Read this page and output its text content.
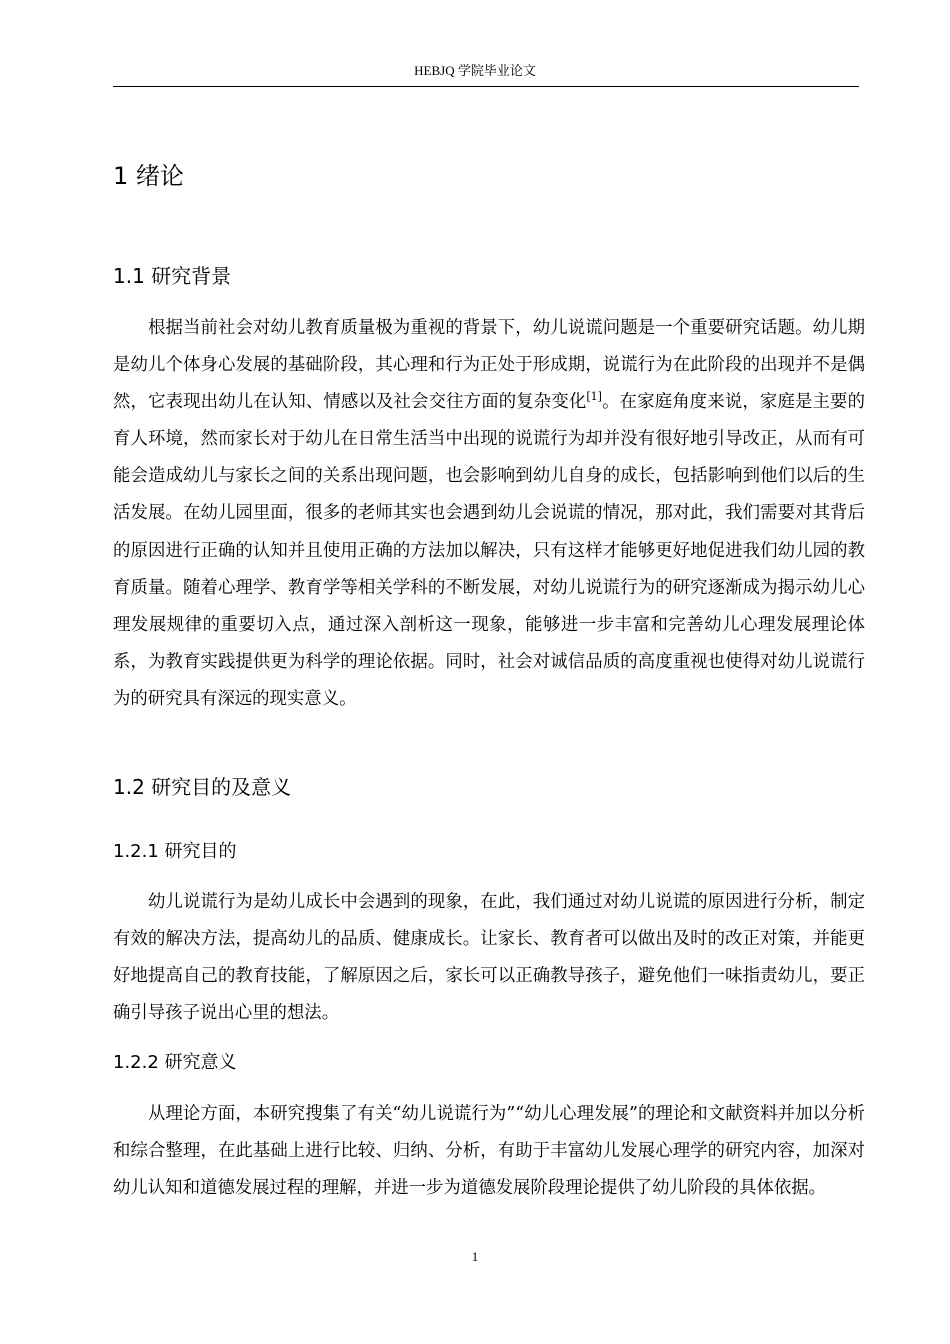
HEBJQ 学院毕业论文
1 绪论
1.1 研究背景

根据当前社会对幼儿教育质量极为重视的背景下，幼儿说谎问题是一个重要研究话题。幼儿期是幼儿个体身心发展的基础阶段，其心理和行为正处于形成期，说谎行为在此阶段的出现并不是偶然，它表现出幼儿在认知、情感以及社会交往方面的复杂变化[1]。在家庭角度来说，家庭是主要的育人环境，然而家长对于幼儿在日常生活当中出现的说谎行为却并没有很好地引导改正，从而有可能会造成幼儿与家长之间的关系出现问题，也会影响到幼儿自身的成长，包括影响到他们以后的生活发展。在幼儿园里面，很多的老师其实也会遇到幼儿会说谎的情况，那对此，我们需要对其背后的原因进行正确的认知并且使用正确的方法加以解决，只有这样才能够更好地促进我们幼儿园的教育质量。随着心理学、教育学等相关学科的不断发展，对幼儿说谎行为的研究逐渐成为揭示幼儿心理发展规律的重要切入点，通过深入剖析这一现象，能够进一步丰富和完善幼儿心理发展理论体系，为教育实践提供更为科学的理论依据。同时，社会对诚信品质的高度重视也使得对幼儿说谎行为的研究具有深远的现实意义。

1.2 研究目的及意义
1.2.1 研究目的

幼儿说谎行为是幼儿成长中会遇到的现象，在此，我们通过对幼儿说谎的原因进行分析，制定有效的解决方法，提高幼儿的品质、健康成长。让家长、教育者可以做出及时的改正对策，并能更好地提高自己的教育技能，了解原因之后，家长可以正确教导孩子，避免他们一味指责幼儿，要正确引导孩子说出心里的想法。

1.2.2 研究意义

从理论方面，本研究搜集了有关“幼儿说谎行为”“幼儿心理发展”的理论和文献资料并加以分析和综合整理，在此基础上进行比较、归纳、分析，有助于丰富幼儿发展心理学的研究内容，加深对幼儿认知和道德发展过程的理解，并进一步为道德发展阶段理论提供了幼儿阶段的具体依据。

1
